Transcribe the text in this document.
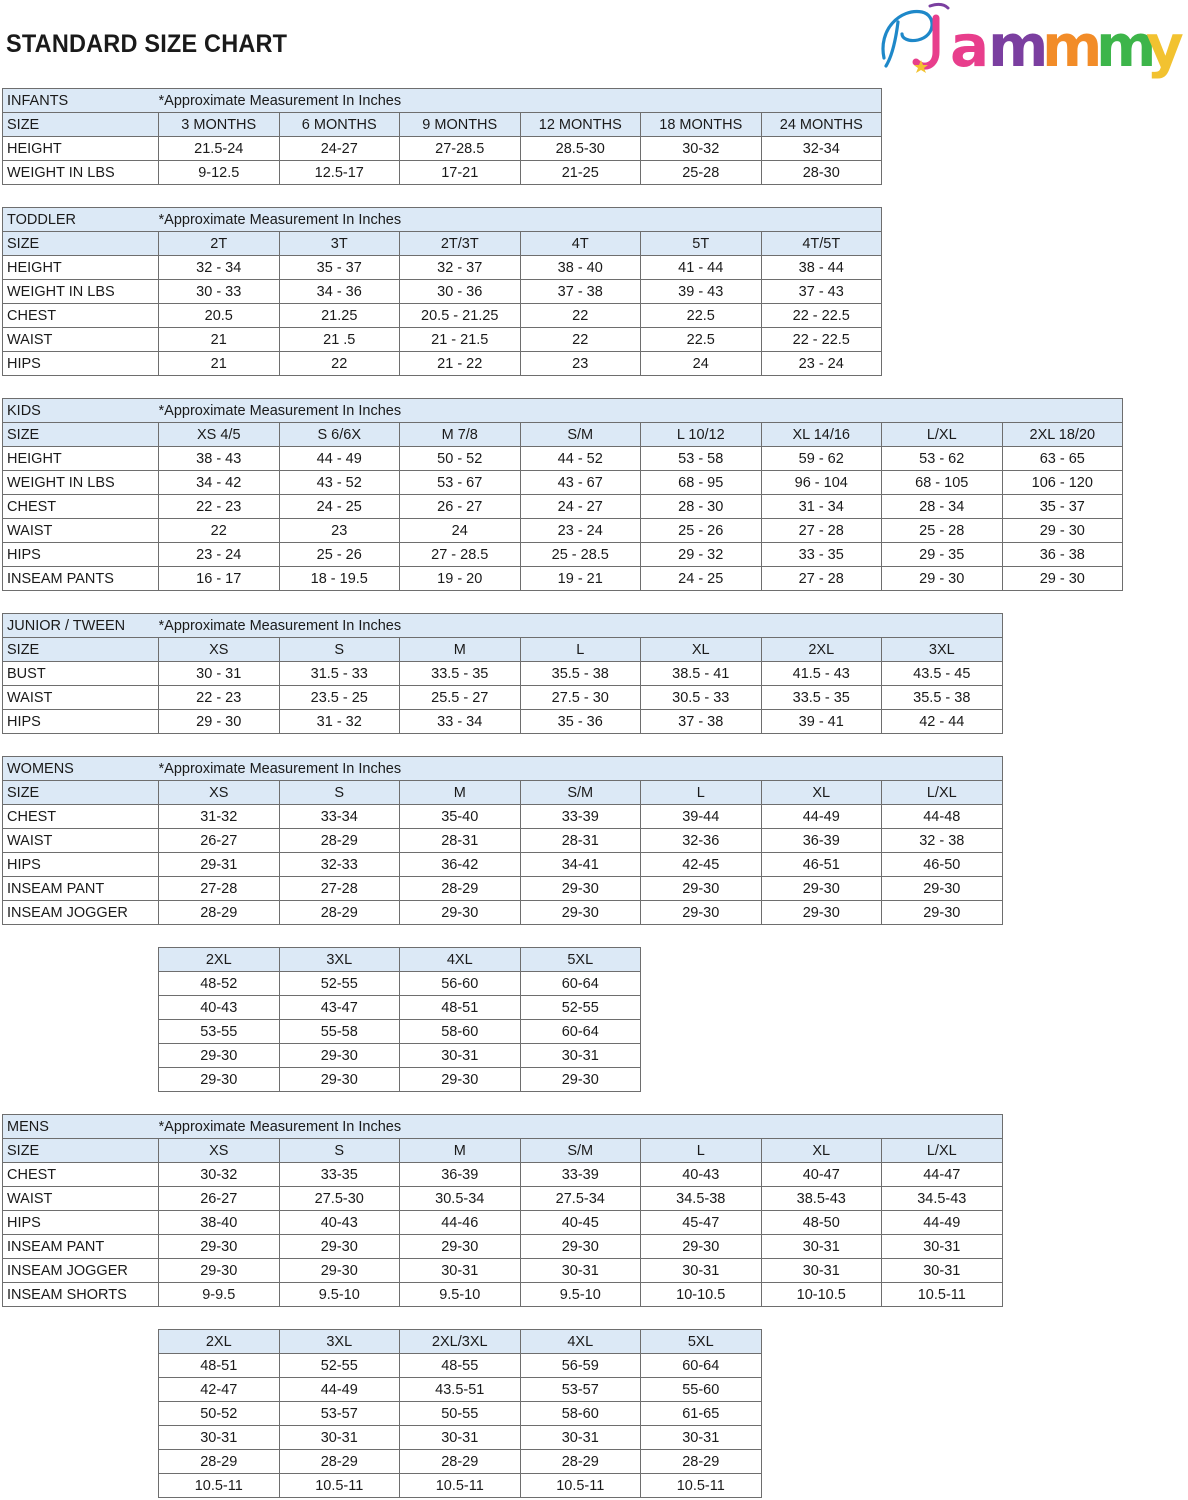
STANDARD SIZE CHART	a
m
m
m
y
INFANTS	*Approximate Measurement In Inches					
SIZE	3 MONTHS	6 MONTHS	9 MONTHS	12 MONTHS	18 MONTHS	24 MONTHS
HEIGHT	21.5-24	24-27	27-28.5	28.5-30	30-32	32-34
WEIGHT IN LBS	9-12.5	12.5-17	17-21	21-25	25-28	28-30
TODDLER	*Approximate Measurement In Inches					
SIZE	2T	3T	2T/3T	4T	5T	4T/5T
HEIGHT	32 - 34	35 - 37	32 - 37	38 - 40	41 - 44	38 - 44
WEIGHT IN LBS	30 - 33	34 - 36	30 - 36	37 - 38	39 - 43	37 - 43
CHEST	20.5	21.25	20.5 - 21.25	22	22.5	22 - 22.5
WAIST	21	21 .5	21 - 21.5	22	22.5	22 - 22.5
HIPS	21	22	21 - 22	23	24	23 - 24
KIDS	*Approximate Measurement In Inches							
SIZE	XS 4/5	S 6/6X	M 7/8	S/M	L 10/12	XL 14/16	L/XL	2XL 18/20
HEIGHT	38 - 43	44 - 49	50 - 52	44 - 52	53 - 58	59 - 62	53 - 62	63 - 65
WEIGHT IN LBS	34 - 42	43 - 52	53 - 67	43 - 67	68 - 95	96 - 104	68 - 105	106 - 120
CHEST	22 - 23	24 - 25	26 - 27	24 - 27	28 - 30	31 - 34	28 - 34	35 - 37
WAIST	22	23	24	23 - 24	25 - 26	27 - 28	25 - 28	29 - 30
HIPS	23 - 24	25 - 26	27 - 28.5	25 - 28.5	29 - 32	33 - 35	29 - 35	36 - 38
INSEAM PANTS	16 - 17	18 - 19.5	19 - 20	19 - 21	24 - 25	27 - 28	29 - 30	29 - 30
JUNIOR / TWEEN	*Approximate Measurement In Inches						
SIZE	XS	S	M	L	XL	2XL	3XL
BUST	30 - 31	31.5 - 33	33.5 - 35	35.5 - 38	38.5 - 41	41.5 - 43	43.5 - 45
WAIST	22 - 23	23.5 - 25	25.5 - 27	27.5 - 30	30.5 - 33	33.5 - 35	35.5 - 38
HIPS	29 - 30	31 - 32	33 - 34	35 - 36	37 - 38	39 - 41	42 - 44
WOMENS	*Approximate Measurement In Inches						
SIZE	XS	S	M	S/M	L	XL	L/XL
CHEST	31-32	33-34	35-40	33-39	39-44	44-49	44-48
WAIST	26-27	28-29	28-31	28-31	32-36	36-39	32 - 38
HIPS	29-31	32-33	36-42	34-41	42-45	46-51	46-50
INSEAM PANT	27-28	27-28	28-29	29-30	29-30	29-30	29-30
INSEAM JOGGER	28-29	28-29	29-30	29-30	29-30	29-30	29-30
2XL	3XL	4XL	5XL
48-52	52-55	56-60	60-64
40-43	43-47	48-51	52-55
53-55	55-58	58-60	60-64
29-30	29-30	30-31	30-31
29-30	29-30	29-30	29-30
MENS	*Approximate Measurement In Inches						
SIZE	XS	S	M	S/M	L	XL	L/XL
CHEST	30-32	33-35	36-39	33-39	40-43	40-47	44-47
WAIST	26-27	27.5-30	30.5-34	27.5-34	34.5-38	38.5-43	34.5-43
HIPS	38-40	40-43	44-46	40-45	45-47	48-50	44-49
INSEAM PANT	29-30	29-30	29-30	29-30	29-30	30-31	30-31
INSEAM JOGGER	29-30	29-30	30-31	30-31	30-31	30-31	30-31
INSEAM SHORTS	9-9.5	9.5-10	9.5-10	9.5-10	10-10.5	10-10.5	10.5-11
2XL	3XL	2XL/3XL	4XL	5XL
48-51	52-55	48-55	56-59	60-64
42-47	44-49	43.5-51	53-57	55-60
50-52	53-57	50-55	58-60	61-65
30-31	30-31	30-31	30-31	30-31
28-29	28-29	28-29	28-29	28-29
10.5-11	10.5-11	10.5-11	10.5-11	10.5-11
